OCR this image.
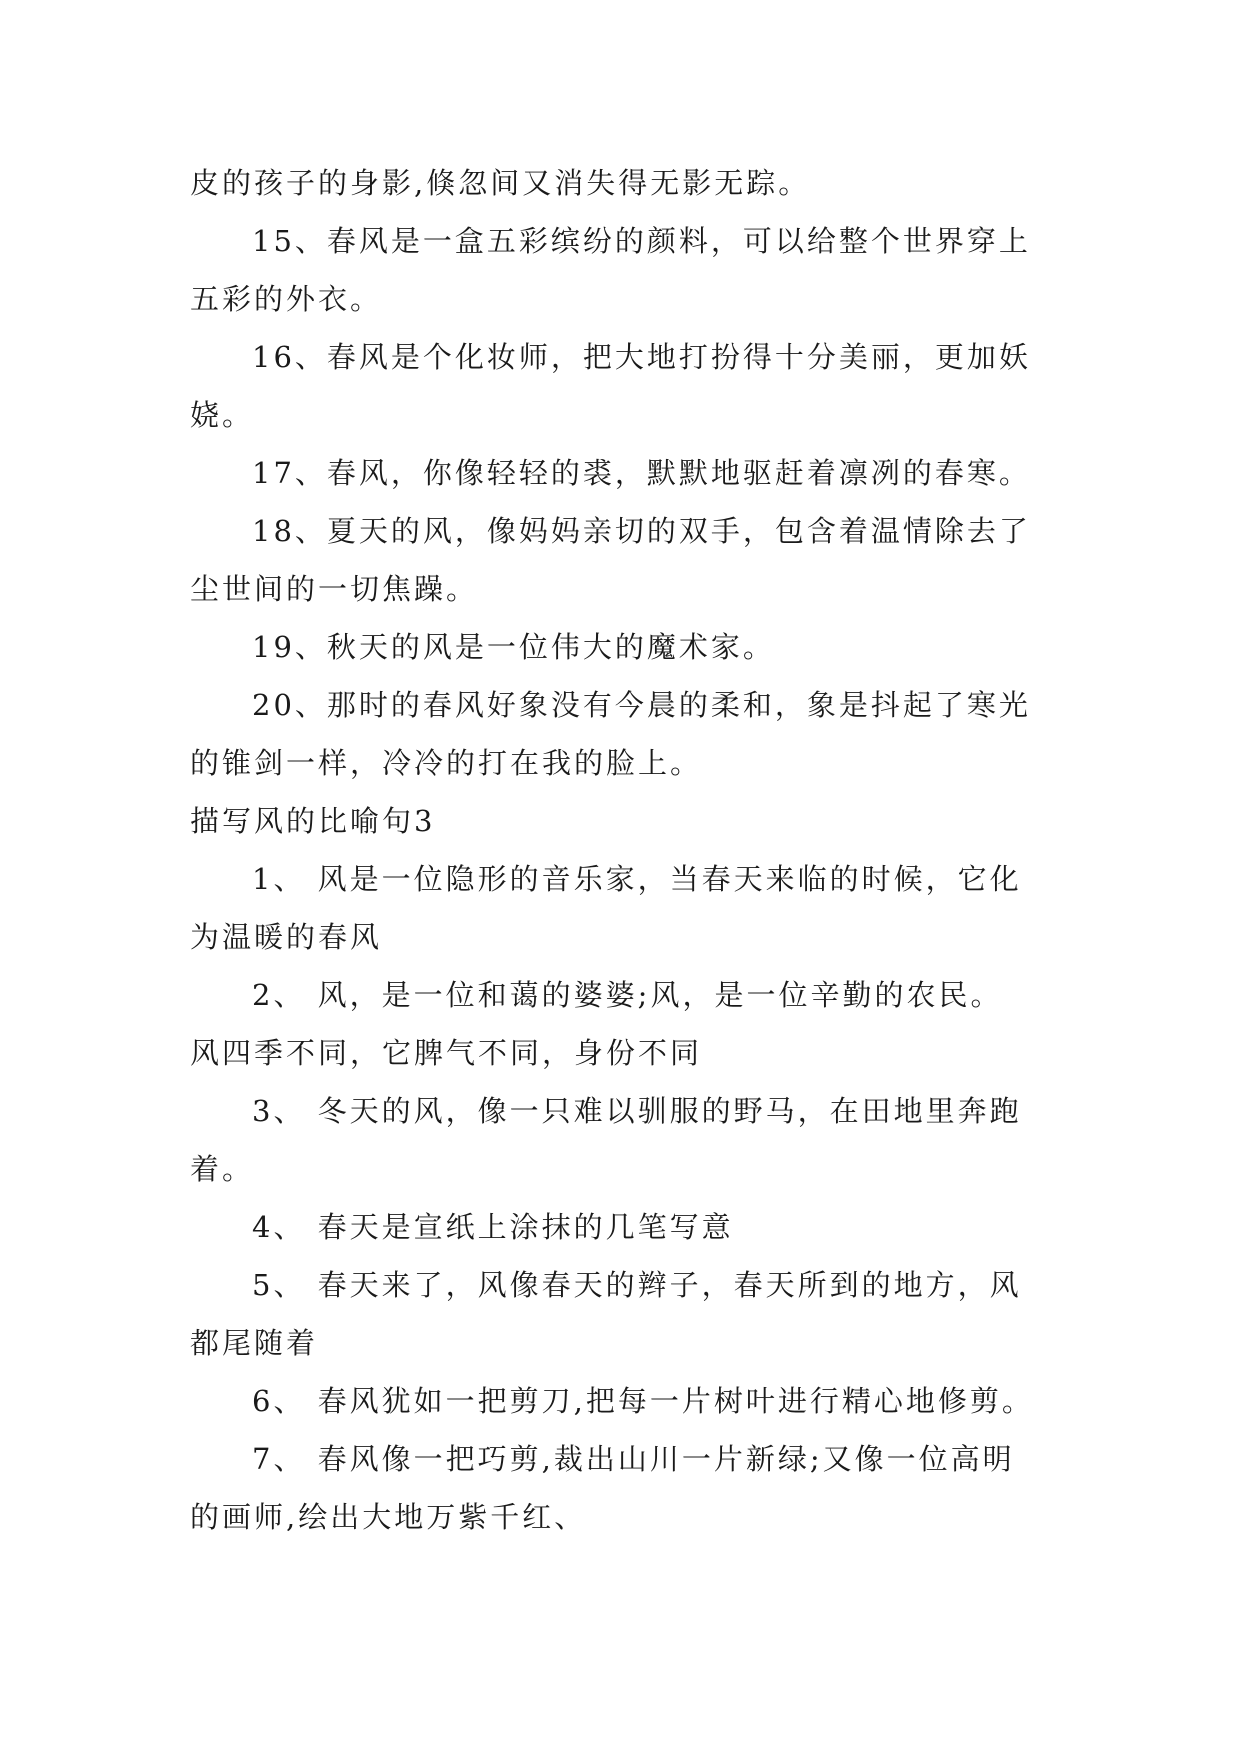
皮的孩子的身影,倏忽间又消失得无影无踪。
15、春风是一盒五彩缤纷的颜料，可以给整个世界穿上
五彩的外衣。
16、春风是个化妆师，把大地打扮得十分美丽，更加妖
娆。
17、春风，你像轻轻的裘，默默地驱赶着凛冽的春寒。
18、夏天的风，像妈妈亲切的双手，包含着温情除去了
尘世间的一切焦躁。
19、秋天的风是一位伟大的魔术家。
20、那时的春风好象没有今晨的柔和，象是抖起了寒光
的锥剑一样，冷冷的打在我的脸上。
描写风的比喻句3
1、 风是一位隐形的音乐家，当春天来临的时候，它化
为温暖的春风
2、 风，是一位和蔼的婆婆;风，是一位辛勤的农民。
风四季不同，它脾气不同，身份不同
3、 冬天的风，像一只难以驯服的野马，在田地里奔跑
着。
4、 春天是宣纸上涂抹的几笔写意
5、 春天来了，风像春天的辫子，春天所到的地方，风
都尾随着
6、 春风犹如一把剪刀,把每一片树叶进行精心地修剪。
7、 春风像一把巧剪,裁出山川一片新绿;又像一位高明
的画师,绘出大地万紫千红、
